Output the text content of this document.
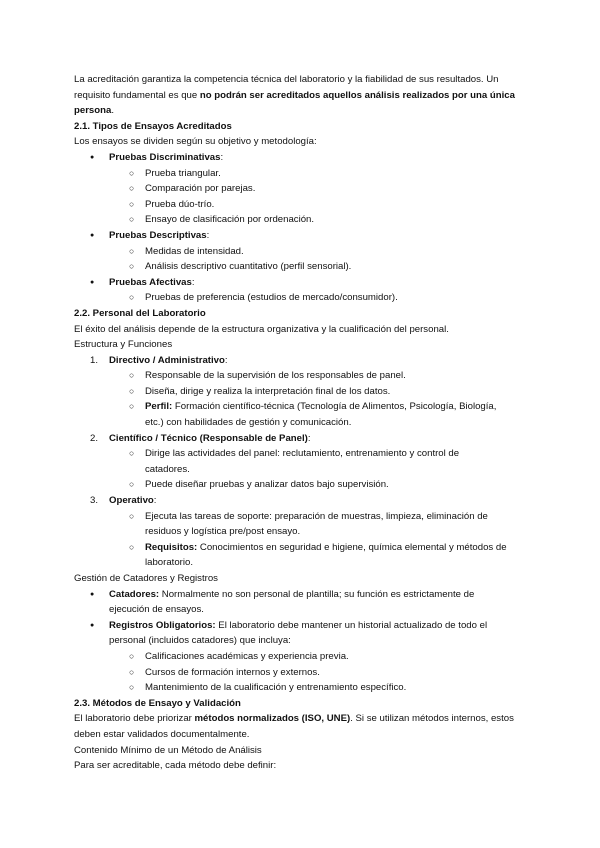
La acreditación garantiza la competencia técnica del laboratorio y la fiabilidad de sus resultados. Un
requisito fundamental es que no podrán ser acreditados aquellos análisis realizados por una única
persona.
2.1. Tipos de Ensayos Acreditados
Los ensayos se dividen según su objetivo y metodología:
● Pruebas Discriminativas:
○ Prueba triangular.
○ Comparación por parejas.
○ Prueba dúo-trío.
○ Ensayo de clasificación por ordenación.
● Pruebas Descriptivas:
○ Medidas de intensidad.
○ Análisis descriptivo cuantitativo (perfil sensorial).
● Pruebas Afectivas:
○ Pruebas de preferencia (estudios de mercado/consumidor).
2.2. Personal del Laboratorio
El éxito del análisis depende de la estructura organizativa y la cualificación del personal.
Estructura y Funciones
1. Directivo / Administrativo:
○ Responsable de la supervisión de los responsables de panel.
○ Diseña, dirige y realiza la interpretación final de los datos.
○ Perfil: Formación científico-técnica (Tecnología de Alimentos, Psicología, Biología,
etc.) con habilidades de gestión y comunicación.
2. Científico / Técnico (Responsable de Panel):
○ Dirige las actividades del panel: reclutamiento, entrenamiento y control de
catadores.
○ Puede diseñar pruebas y analizar datos bajo supervisión.
3. Operativo:
○ Ejecuta las tareas de soporte: preparación de muestras, limpieza, eliminación de
residuos y logística pre/post ensayo.
○ Requisitos: Conocimientos en seguridad e higiene, química elemental y métodos de
laboratorio.
Gestión de Catadores y Registros
● Catadores: Normalmente no son personal de plantilla; su función es estrictamente de
ejecución de ensayos.
● Registros Obligatorios: El laboratorio debe mantener un historial actualizado de todo el
personal (incluidos catadores) que incluya:
○ Calificaciones académicas y experiencia previa.
○ Cursos de formación internos y externos.
○ Mantenimiento de la cualificación y entrenamiento específico.
2.3. Métodos de Ensayo y Validación
El laboratorio debe priorizar métodos normalizados (ISO, UNE). Si se utilizan métodos internos, estos
deben estar validados documentalmente.
Contenido Mínimo de un Método de Análisis
Para ser acreditable, cada método debe definir:
